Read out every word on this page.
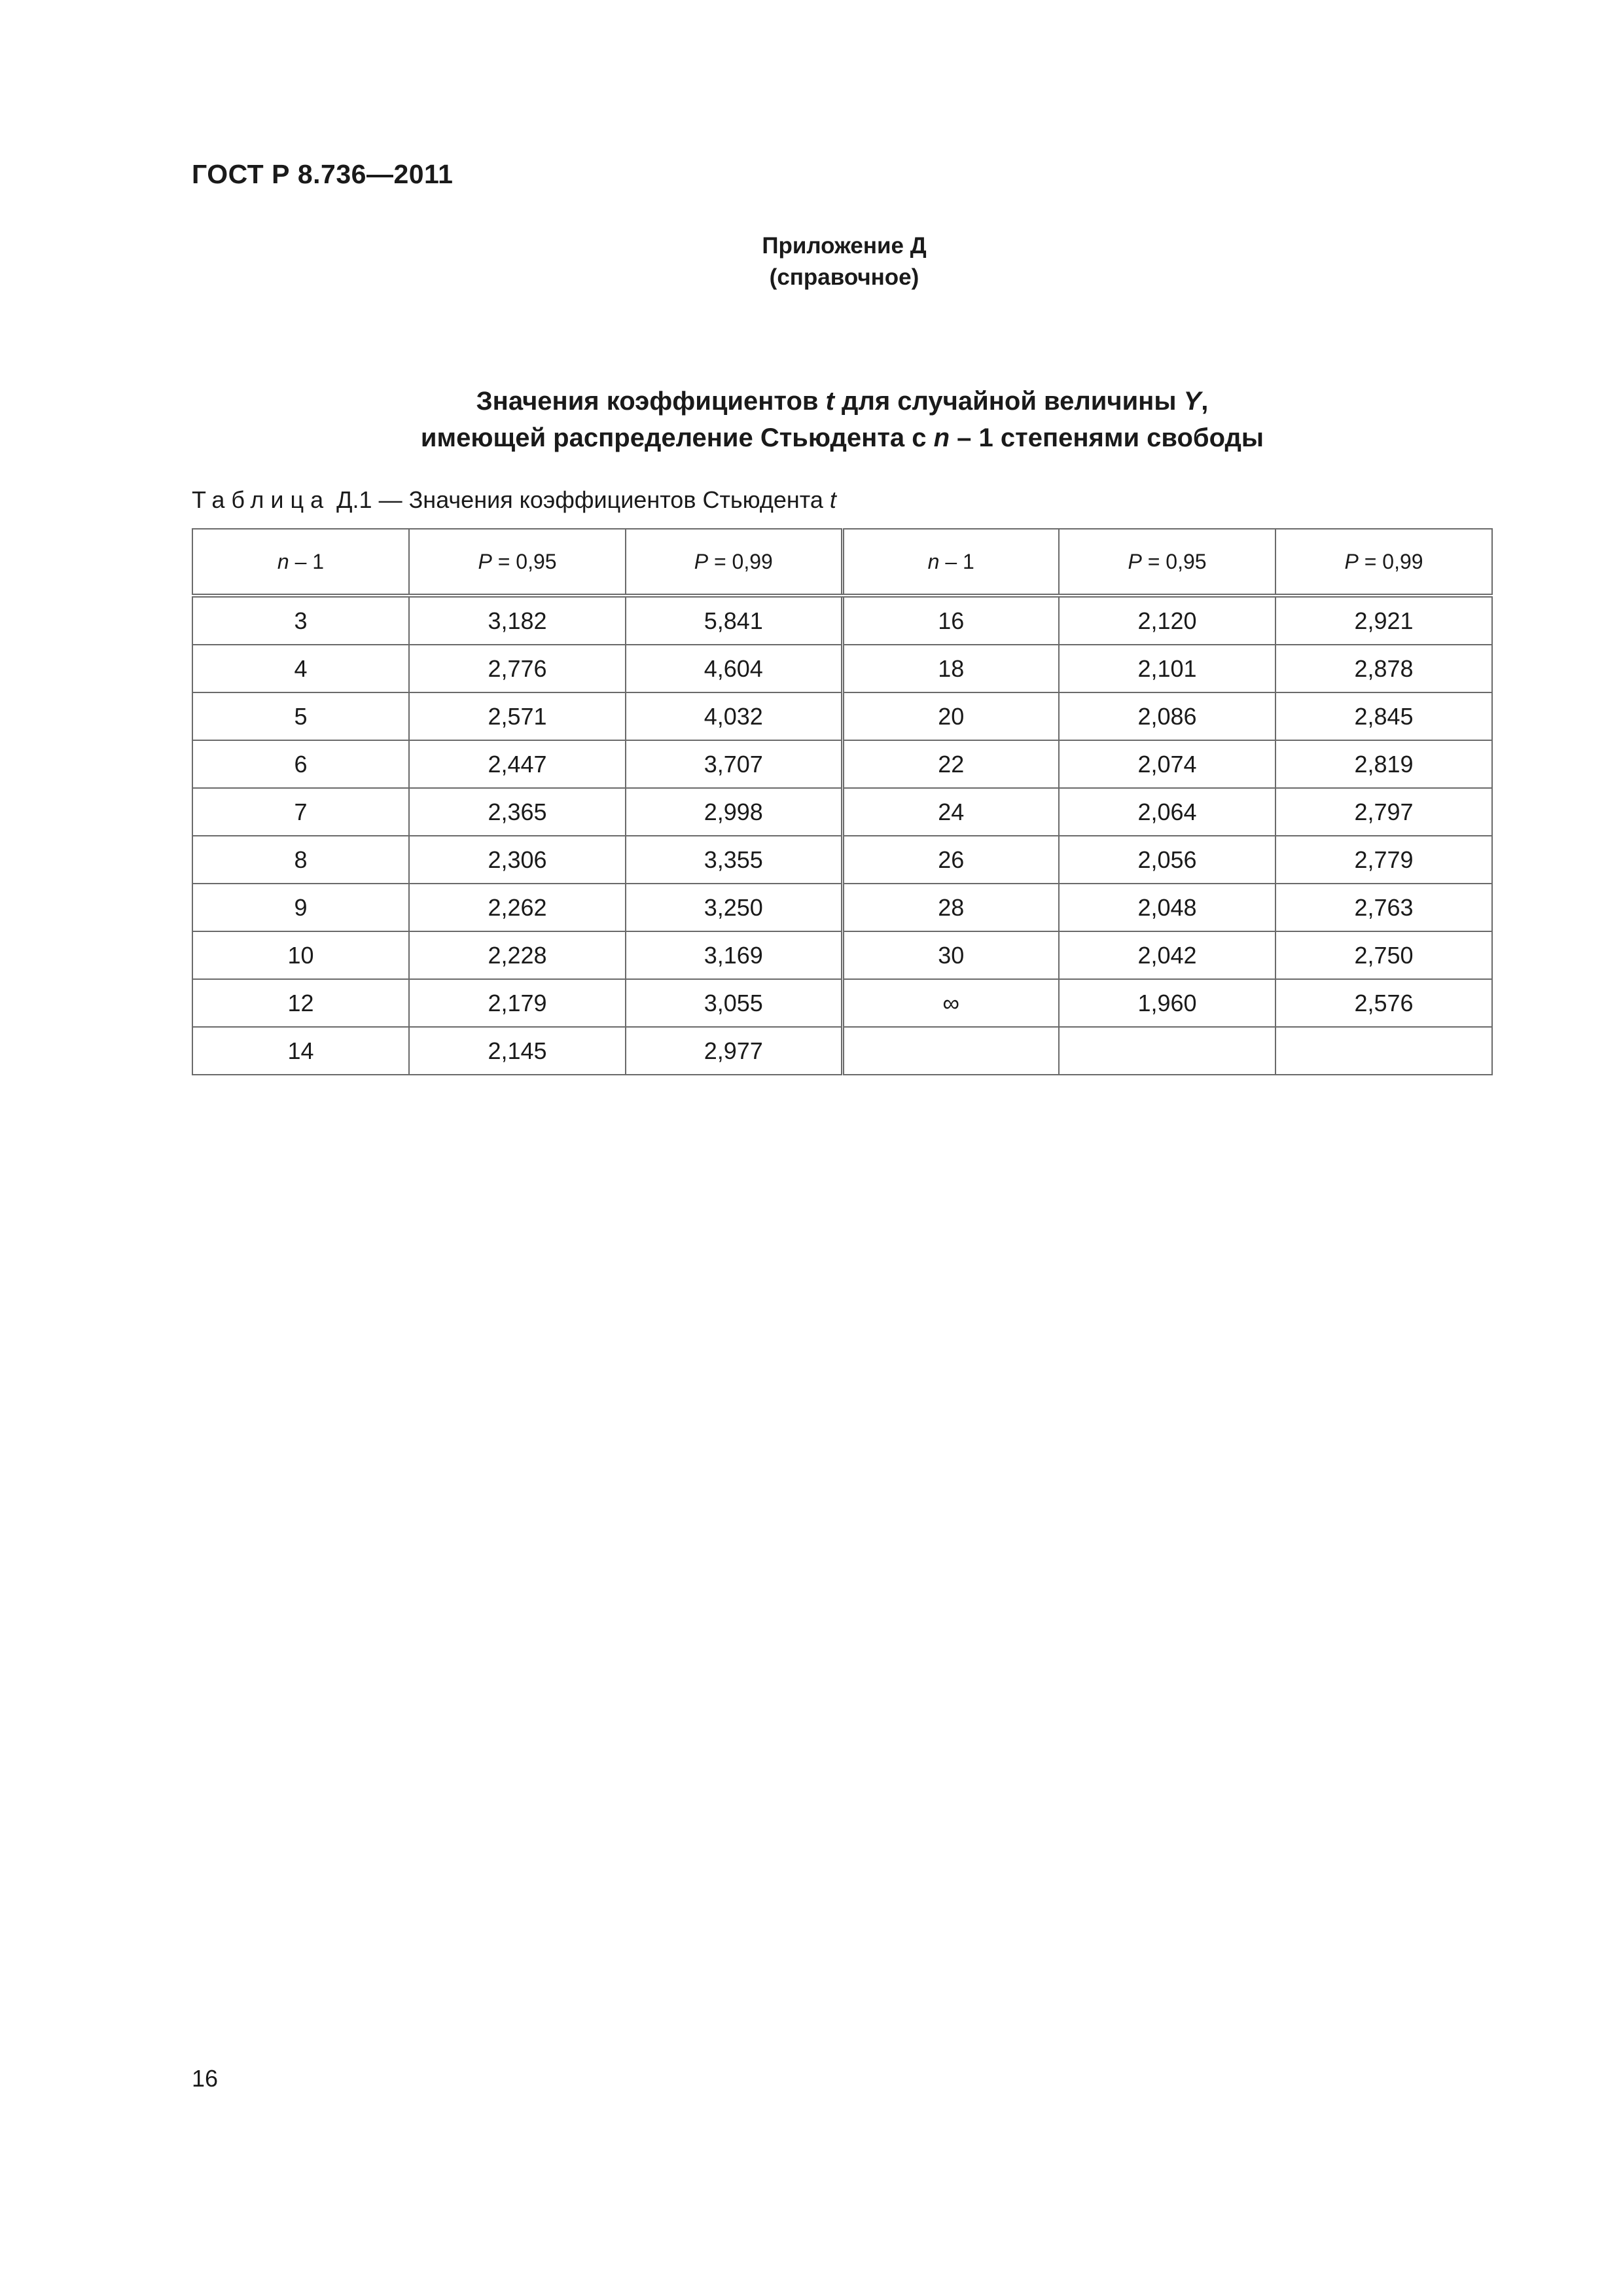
ГОСТ Р 8.736—2011
Приложение Д
(справочное)
Значения коэффициентов t для случайной величины Y,
имеющей распределение Стьюдента с n – 1 степенями свободы
Таблица Д.1 — Значения коэффициентов Стьюдента t
n – 1	P = 0,95	P = 0,99	n – 1	P = 0,95	P = 0,99
3	3,182	5,841	16	2,120	2,921
4	2,776	4,604	18	2,101	2,878
5	2,571	4,032	20	2,086	2,845
6	2,447	3,707	22	2,074	2,819
7	2,365	2,998	24	2,064	2,797
8	2,306	3,355	26	2,056	2,779
9	2,262	3,250	28	2,048	2,763
10	2,228	3,169	30	2,042	2,750
12	2,179	3,055	∞	1,960	2,576
14	2,145	2,977			
16
